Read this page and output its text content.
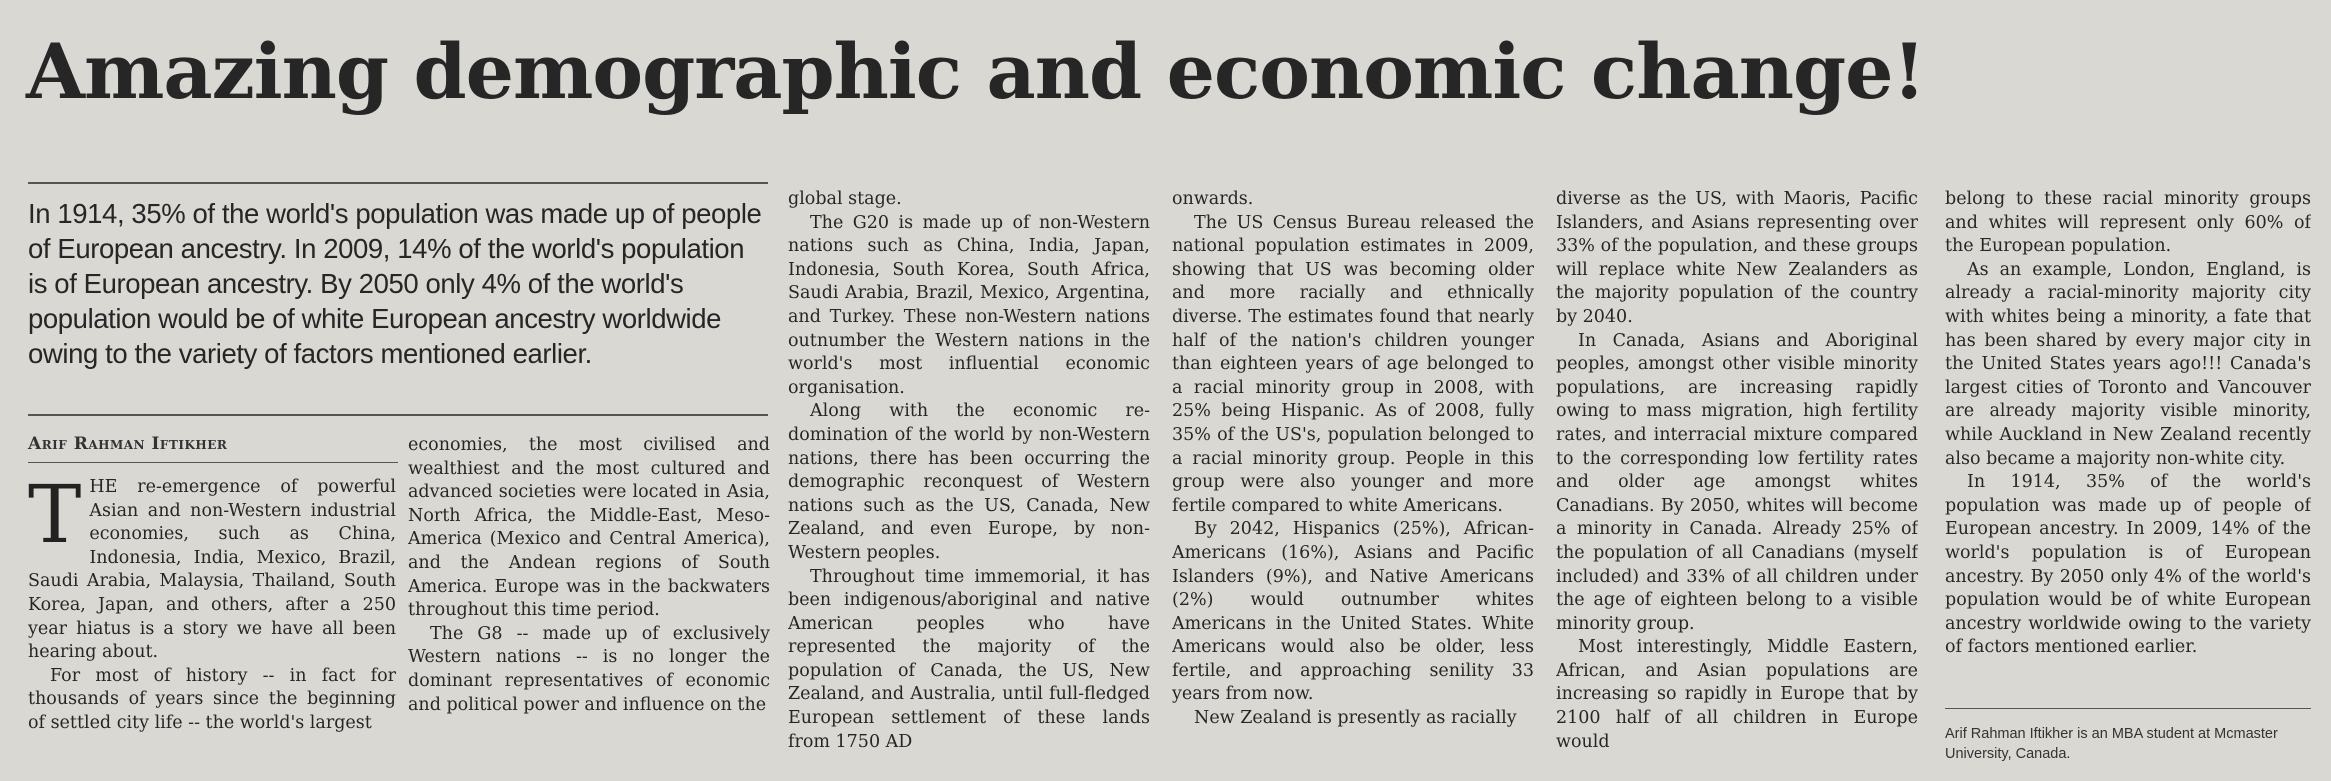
Amazing demographic and economic change!

In 1914, 35% of the world's population was made up of people of European ancestry. In 2009, 14% of the world's population is of European ancestry. By 2050 only 4% of the world's population would be of white European ancestry worldwide owing to the variety of factors mentioned earlier.

Arif Rahman Iftikher

T HE re-emergence of powerful Asian and non-Western industrial economies, such as China, Indonesia, India, Mexico, Brazil, Saudi Arabia, Malaysia, Thailand, South Korea, Japan, and others, after a 250 year hiatus is a story we have all been hearing about.

For most of history -- in fact for thousands of years since the beginning of settled city life -- the world's largest

economies, the most civilised and wealthiest and the most cultured and advanced societies were located in Asia, North Africa, the Middle-East, Meso-America (Mexico and Central America), and the Andean regions of South America. Europe was in the backwaters throughout this time period.

The G8 -- made up of exclusively Western nations -- is no longer the dominant representatives of economic and political power and influence on the

global stage.

The G20 is made up of non-Western nations such as China, India, Japan, Indonesia, South Korea, South Africa, Saudi Arabia, Brazil, Mexico, Argentina, and Turkey. These non-Western nations outnumber the Western nations in the world's most influential economic organisation.

Along with the economic re-domination of the world by non-Western nations, there has been occurring the demographic reconquest of Western nations such as the US, Canada, New Zealand, and even Europe, by non-Western peoples.

Throughout time immemorial, it has been indigenous/aboriginal and native American peoples who have represented the majority of the population of Canada, the US, New Zealand, and Australia, until full-fledged European settlement of these lands from 1750 AD

onwards.

The US Census Bureau released the national population estimates in 2009, showing that US was becoming older and more racially and ethnically diverse. The estimates found that nearly half of the nation's children younger than eighteen years of age belonged to a racial minority group in 2008, with 25% being Hispanic. As of 2008, fully 35% of the US's, population belonged to a racial minority group. People in this group were also younger and more fertile compared to white Americans.

By 2042, Hispanics (25%), African-Americans (16%), Asians and Pacific Islanders (9%), and Native Americans (2%) would outnumber whites Americans in the United States. White Americans would also be older, less fertile, and approaching senility 33 years from now.

New Zealand is presently as racially

diverse as the US, with Maoris, Pacific Islanders, and Asians representing over 33% of the population, and these groups will replace white New Zealanders as the majority population of the country by 2040.

In Canada, Asians and Aboriginal peoples, amongst other visible minority populations, are increasing rapidly owing to mass migration, high fertility rates, and interracial mixture compared to the corresponding low fertility rates and older age amongst whites Canadians. By 2050, whites will become a minority in Canada. Already 25% of the population of all Canadians (myself included) and 33% of all children under the age of eighteen belong to a visible minority group.

Most interestingly, Middle Eastern, African, and Asian populations are increasing so rapidly in Europe that by 2100 half of all children in Europe would

belong to these racial minority groups and whites will represent only 60% of the European population.

As an example, London, England, is already a racial-minority majority city with whites being a minority, a fate that has been shared by every major city in the United States years ago!!! Canada's largest cities of Toronto and Vancouver are already majority visible minority, while Auckland in New Zealand recently also became a majority non-white city.

In 1914, 35% of the world's population was made up of people of European ancestry. In 2009, 14% of the world's population is of European ancestry. By 2050 only 4% of the world's population would be of white European ancestry worldwide owing to the variety of factors mentioned earlier.

Arif Rahman Iftikher is an MBA student at Mcmaster University, Canada.
